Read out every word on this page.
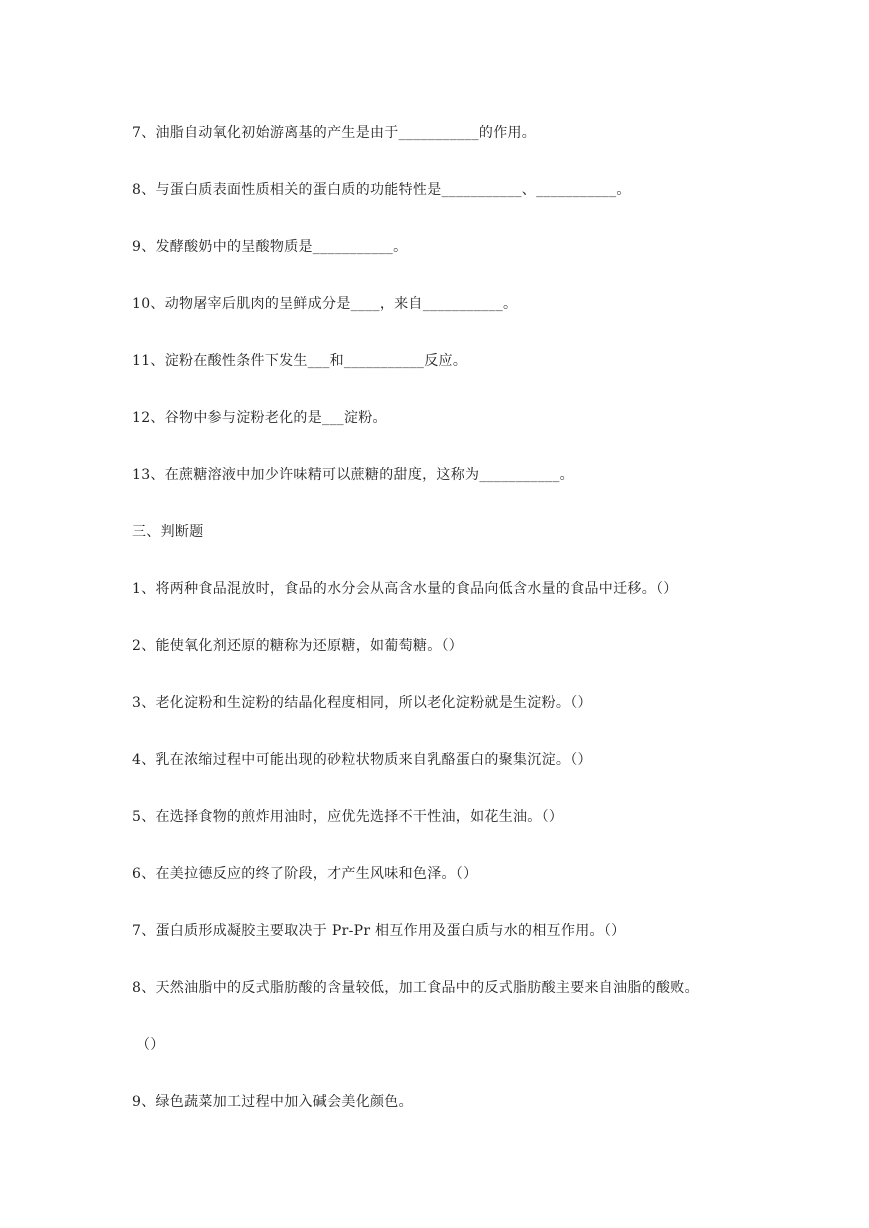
7、油脂自动氧化初始游离基的产生是由于___________的作用。
8、与蛋白质表面性质相关的蛋白质的功能特性是___________、___________。
9、发酵酸奶中的呈酸物质是___________。
10、动物屠宰后肌肉的呈鲜成分是____，来自___________。
11、淀粉在酸性条件下发生___和___________反应。
12、谷物中参与淀粉老化的是___淀粉。
13、在蔗糖溶液中加少许味精可以蔗糖的甜度，这称为___________。
三、判断题
1、将两种食品混放时，食品的水分会从高含水量的食品向低含水量的食品中迁移。（）
2、能使氧化剂还原的糖称为还原糖，如葡萄糖。（）
3、老化淀粉和生淀粉的结晶化程度相同，所以老化淀粉就是生淀粉。（）
4、乳在浓缩过程中可能出现的砂粒状物质来自乳酪蛋白的聚集沉淀。（）
5、在选择食物的煎炸用油时，应优先选择不干性油，如花生油。（）
6、在美拉德反应的终了阶段，才产生风味和色泽。（）
7、蛋白质形成凝胶主要取决于 Pr-Pr 相互作用及蛋白质与水的相互作用。（）
8、天然油脂中的反式脂肪酸的含量较低，加工食品中的反式脂肪酸主要来自油脂的酸败。
（）
9、绿色蔬菜加工过程中加入碱会美化颜色。
